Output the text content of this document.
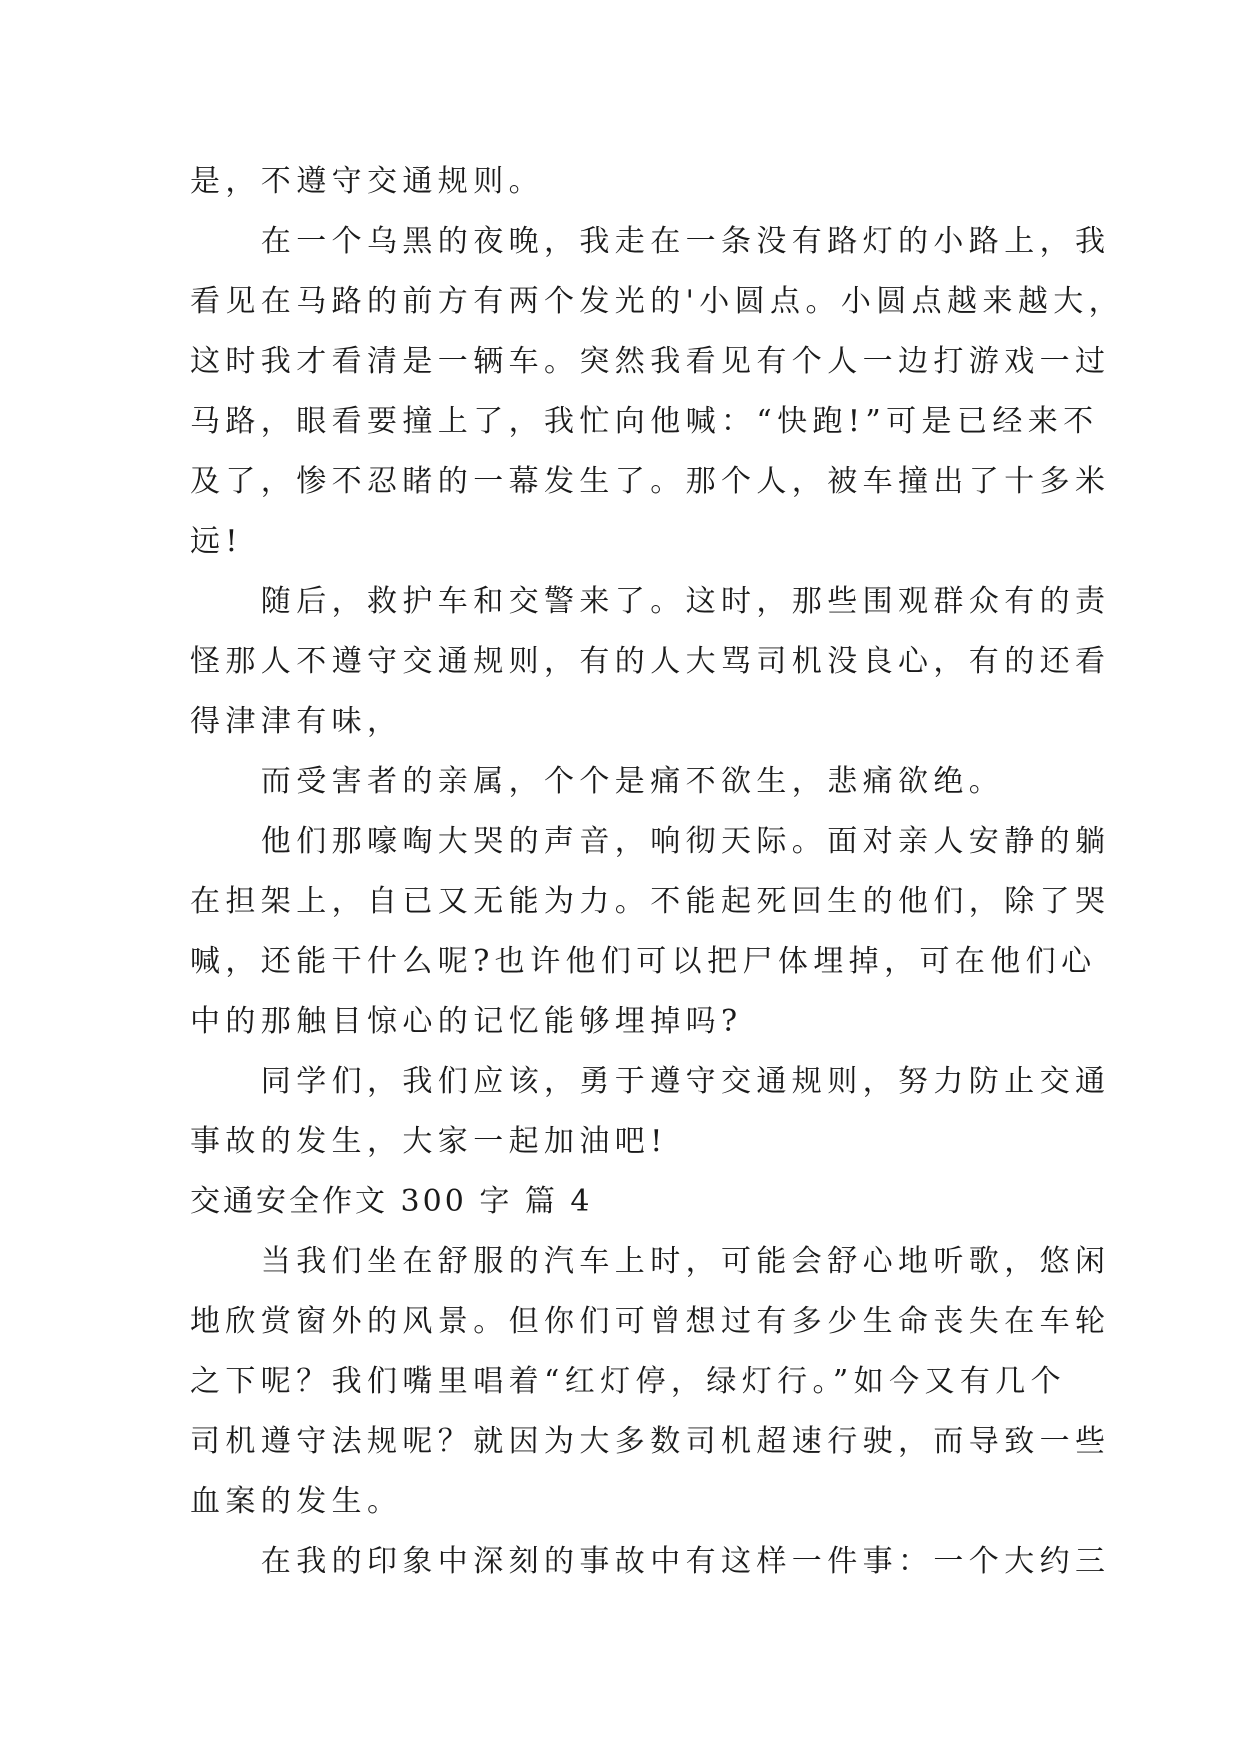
是，不遵守交通规则。
　　在一个乌黑的夜晚，我走在一条没有路灯的小路上，我
看见在马路的前方有两个发光的'小圆点。小圆点越来越大，
这时我才看清是一辆车。突然我看见有个人一边打游戏一过
马路，眼看要撞上了，我忙向他喊：“快跑!”可是已经来不
及了，惨不忍睹的一幕发生了。那个人，被车撞出了十多米
远!
　　随后，救护车和交警来了。这时，那些围观群众有的责
怪那人不遵守交通规则，有的人大骂司机没良心，有的还看
得津津有味，
　　而受害者的亲属，个个是痛不欲生，悲痛欲绝。
　　他们那嚎啕大哭的声音，响彻天际。面对亲人安静的躺
在担架上，自已又无能为力。不能起死回生的他们，除了哭
喊，还能干什么呢?也许他们可以把尸体埋掉，可在他们心
中的那触目惊心的记忆能够埋掉吗?
　　同学们，我们应该，勇于遵守交通规则，努力防止交通
事故的发生，大家一起加油吧!
交通安全作文 300 字 篇 4
　　当我们坐在舒服的汽车上时，可能会舒心地听歌，悠闲
地欣赏窗外的风景。但你们可曾想过有多少生命丧失在车轮
之下呢？我们嘴里唱着“红灯停，绿灯行。”如今又有几个
司机遵守法规呢？就因为大多数司机超速行驶，而导致一些
血案的发生。
　　在我的印象中深刻的事故中有这样一件事：一个大约三
